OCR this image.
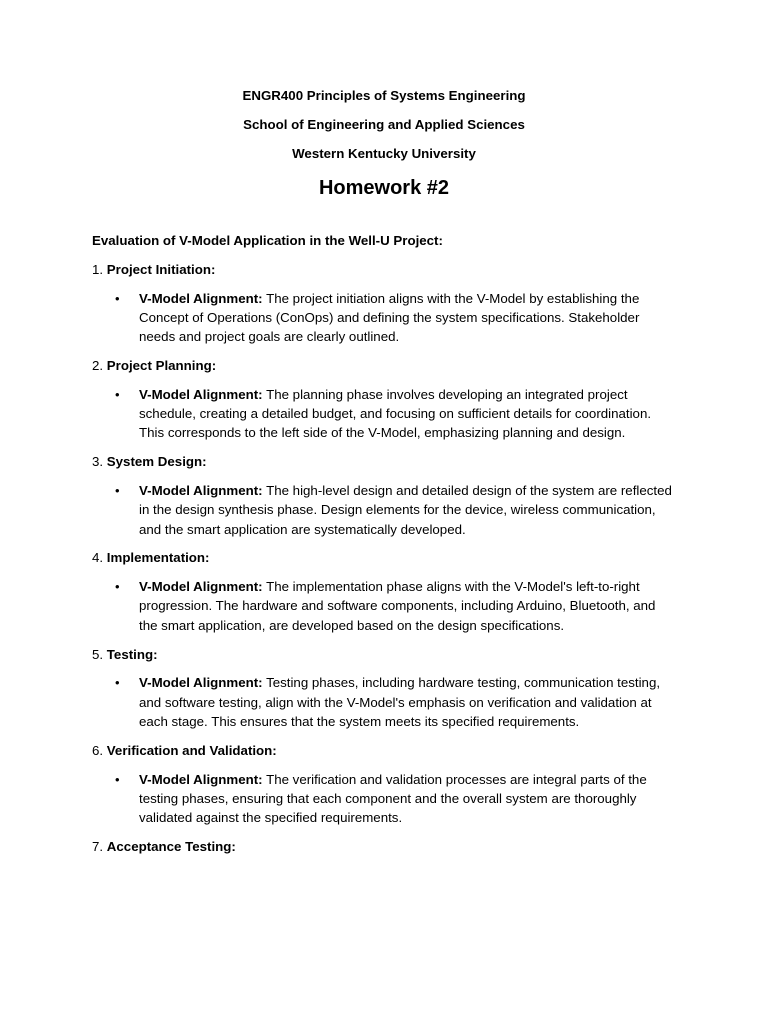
ENGR400 Principles of Systems Engineering
School of Engineering and Applied Sciences
Western Kentucky University
Homework #2
Evaluation of V-Model Application in the Well-U Project:
1. Project Initiation:
• V-Model Alignment: The project initiation aligns with the V-Model by establishing the Concept of Operations (ConOps) and defining the system specifications. Stakeholder needs and project goals are clearly outlined.
2. Project Planning:
• V-Model Alignment: The planning phase involves developing an integrated project schedule, creating a detailed budget, and focusing on sufficient details for coordination. This corresponds to the left side of the V-Model, emphasizing planning and design.
3. System Design:
• V-Model Alignment: The high-level design and detailed design of the system are reflected in the design synthesis phase. Design elements for the device, wireless communication, and the smart application are systematically developed.
4. Implementation:
• V-Model Alignment: The implementation phase aligns with the V-Model's left-to-right progression. The hardware and software components, including Arduino, Bluetooth, and the smart application, are developed based on the design specifications.
5. Testing:
• V-Model Alignment: Testing phases, including hardware testing, communication testing, and software testing, align with the V-Model's emphasis on verification and validation at each stage. This ensures that the system meets its specified requirements.
6. Verification and Validation:
• V-Model Alignment: The verification and validation processes are integral parts of the testing phases, ensuring that each component and the overall system are thoroughly validated against the specified requirements.
7. Acceptance Testing:
